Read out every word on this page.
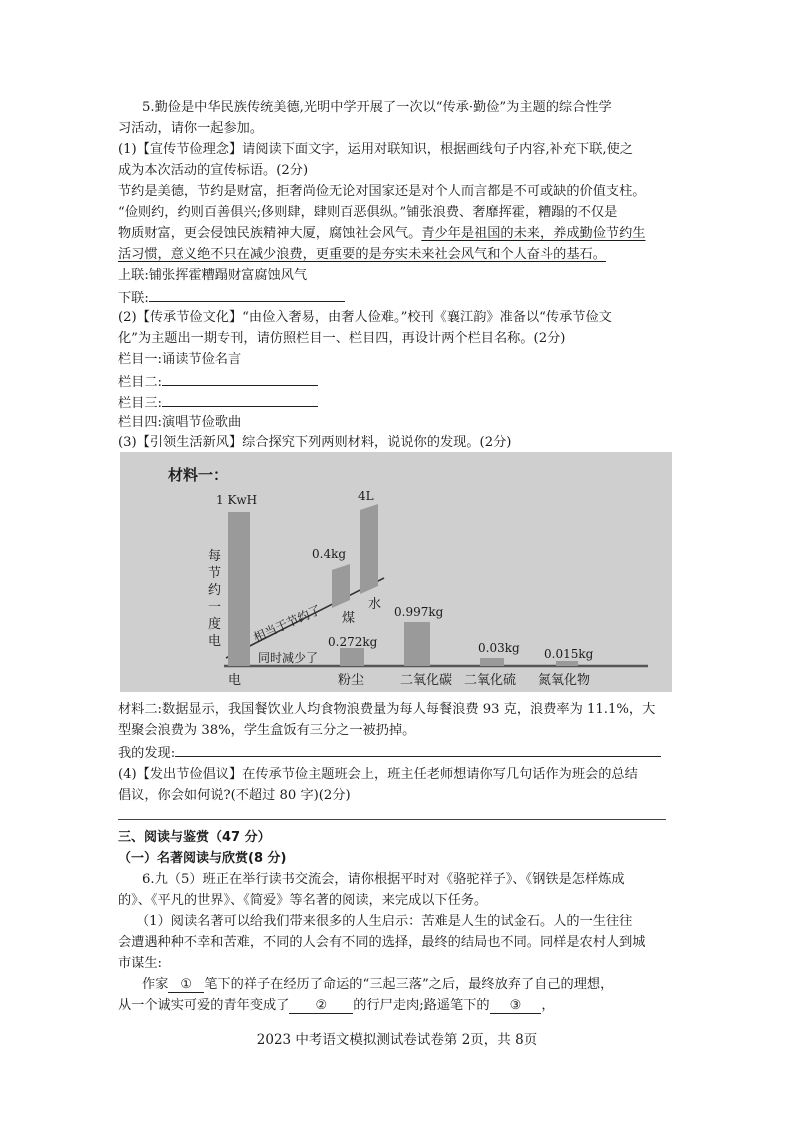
5.勤俭是中华民族传统美德,光明中学开展了一次以“传承·勤俭”为主题的综合性学
习活动，请你一起参加。
(1)【宣传节俭理念】请阅读下面文字，运用对联知识，根据画线句子内容,补充下联,使之
成为本次活动的宣传标语。(2分)
节约是美德，节约是财富，拒奢尚俭无论对国家还是对个人而言都是不可或缺的价值支柱。
“俭则约，约则百善俱兴;侈则肆，肆则百恶俱纵。”铺张浪费、奢靡挥霍，糟蹋的不仅是
物质财富，更会侵蚀民族精神大厦，腐蚀社会风气。青少年是祖国的未来，养成勤俭节约生
活习惯，意义绝不只在减少浪费，更重要的是夯实未来社会风气和个人奋斗的基石。
上联:铺张挥霍糟蹋财富腐蚀风气
下联:
(2)【传承节俭文化】“由俭入奢易，由奢人俭难。”校刊《襄江韵》准备以“传承节俭文
化”为主题出一期专刊，请仿照栏目一、栏目四，再设计两个栏目名称。(2分)
栏目一:诵读节俭名言
栏目二:
栏目三:
栏目四:演唱节俭歌曲
(3)【引领生活新风】综合探究下列两则材料，说说你的发现。(2分)
材料一：
每
节
约
一
度
电	相当于节约了
同时减少了
1 KwH
电
0.4kg
煤
4L
水
0.272kg
粉尘
0.997kg
二氧化碳
0.03kg
二氧化硫
0.015kg
氮氧化物
材料二:数据显示，我国餐饮业人均食物浪费量为每人每餐浪费 93 克，浪费率为 11.1%，大
型聚会浪费为 38%，学生盒饭有三分之一被扔掉。
我的发现:
(4)【发出节俭倡议】在传承节俭主题班会上，班主任老师想请你写几句话作为班会的总结
倡议，你会如何说?(不超过 80 字)(2分)
三、阅读与鉴赏（47 分）
（一）名著阅读与欣赏(8 分)
6.九（5）班正在举行读书交流会，请你根据平时对《骆驼祥子》、《钢铁是怎样炼成
的》、《平凡的世界》、《简爱》等名著的阅读，来完成以下任务。
（1）阅读名著可以给我们带来很多的人生启示：苦难是人生的试金石。人的一生往往
会遭遇种种不幸和苦难，不同的人会有不同的选择，最终的结局也不同。同样是农村人到城
市谋生:
作家 ① 笔下的祥子在经历了命运的“三起三落”之后，最终放弃了自己的理想，
从一个诚实可爱的青年变成了 ② 的行尸走肉;路遥笔下的 ③ ，
2023 中考语文模拟测试卷试卷第 2页，共 8页
